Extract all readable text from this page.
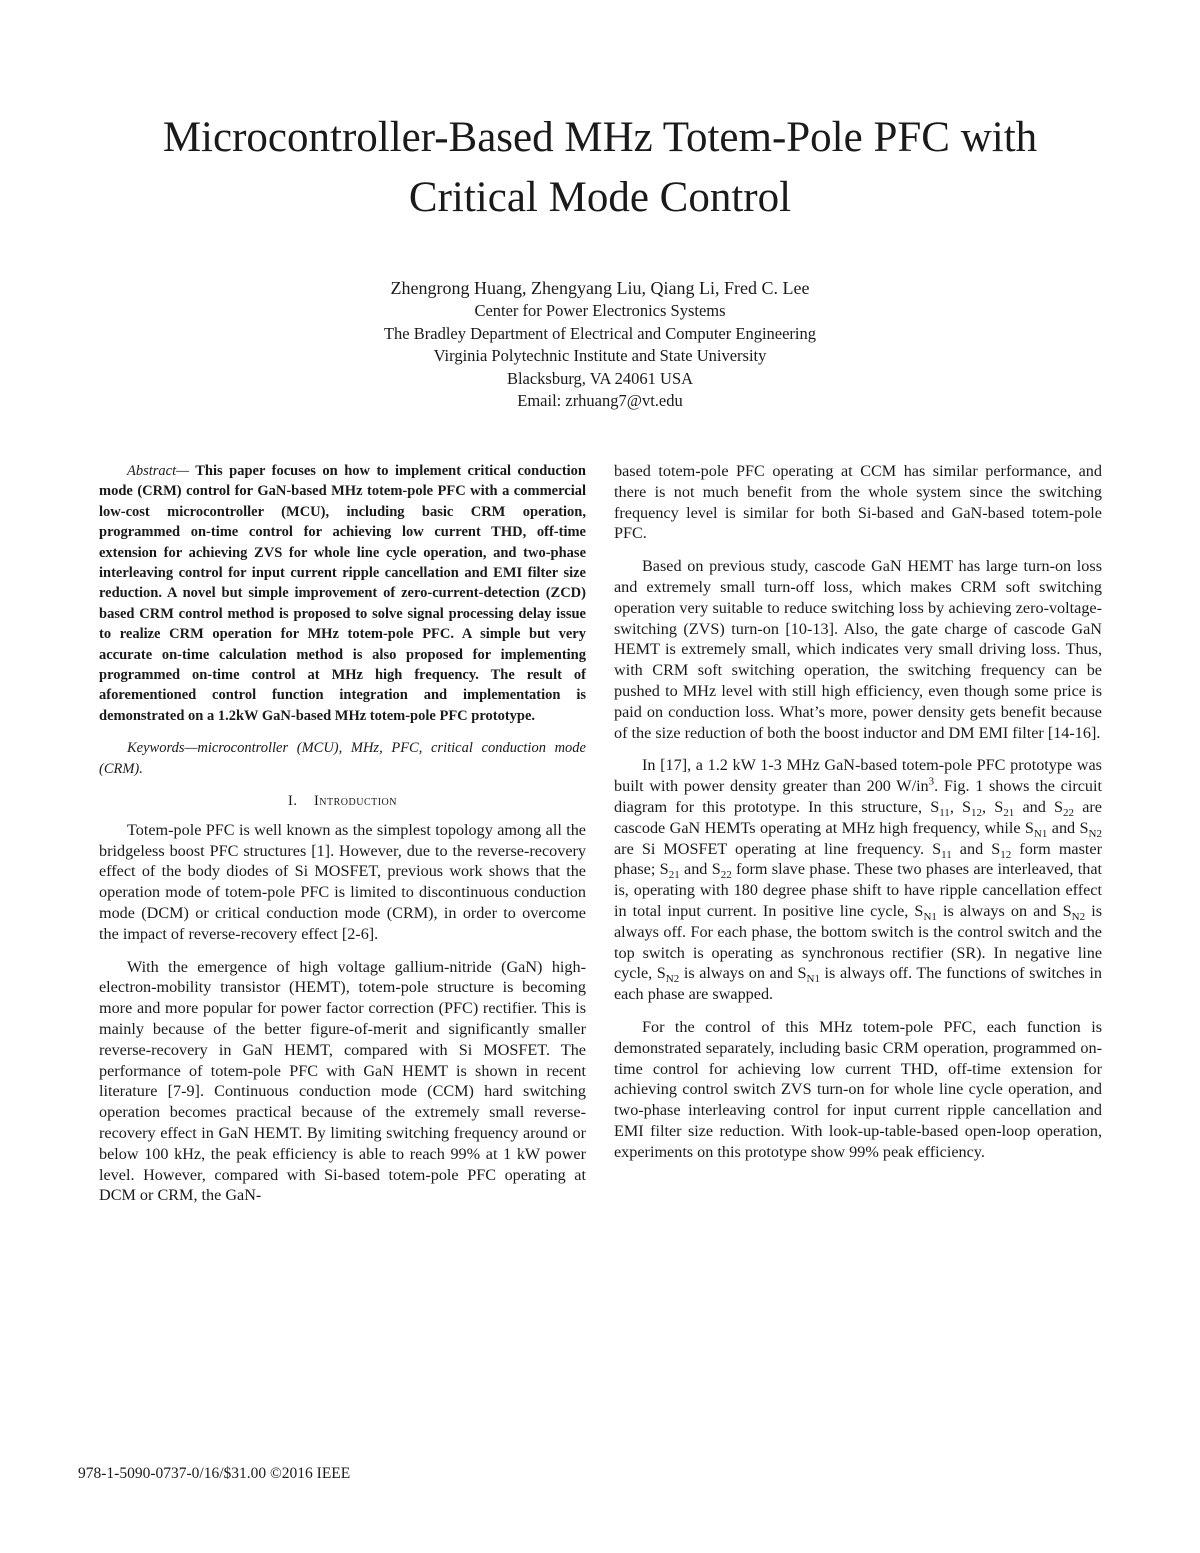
Microcontroller-Based MHz Totem-Pole PFC with
Critical Mode Control
Zhengrong Huang, Zhengyang Liu, Qiang Li, Fred C. Lee
Center for Power Electronics Systems
The Bradley Department of Electrical and Computer Engineering
Virginia Polytechnic Institute and State University
Blacksburg, VA 24061 USA
Email: zrhuang7@vt.edu

Abstract— This paper focuses on how to implement critical conduction mode (CRM) control for GaN-based MHz totem-pole PFC with a commercial low-cost microcontroller (MCU), including basic CRM operation, programmed on-time control for achieving low current THD, off-time extension for achieving ZVS for whole line cycle operation, and two-phase interleaving control for input current ripple cancellation and EMI filter size reduction. A novel but simple improvement of zero-current-detection (ZCD) based CRM control method is proposed to solve signal processing delay issue to realize CRM operation for MHz totem-pole PFC. A simple but very accurate on-time calculation method is also proposed for implementing programmed on-time control at MHz high frequency. The result of aforementioned control function integration and implementation is demonstrated on a 1.2kW GaN-based MHz totem-pole PFC prototype.

Keywords—microcontroller (MCU), MHz, PFC, critical conduction mode (CRM).

I. Introduction

Totem-pole PFC is well known as the simplest topology among all the bridgeless boost PFC structures [1]. However, due to the reverse-recovery effect of the body diodes of Si MOSFET, previous work shows that the operation mode of totem-pole PFC is limited to discontinuous conduction mode (DCM) or critical conduction mode (CRM), in order to overcome the impact of reverse-recovery effect [2-6].

With the emergence of high voltage gallium-nitride (GaN) high-electron-mobility transistor (HEMT), totem-pole structure is becoming more and more popular for power factor correction (PFC) rectifier. This is mainly because of the better figure-of-merit and significantly smaller reverse-recovery in GaN HEMT, compared with Si MOSFET. The performance of totem-pole PFC with GaN HEMT is shown in recent literature [7-9]. Continuous conduction mode (CCM) hard switching operation becomes practical because of the extremely small reverse-recovery effect in GaN HEMT. By limiting switching frequency around or below 100 kHz, the peak efficiency is able to reach 99% at 1 kW power level. However, compared with Si-based totem-pole PFC operating at DCM or CRM, the GaN-

based totem-pole PFC operating at CCM has similar performance, and there is not much benefit from the whole system since the switching frequency level is similar for both Si-based and GaN-based totem-pole PFC.

Based on previous study, cascode GaN HEMT has large turn-on loss and extremely small turn-off loss, which makes CRM soft switching operation very suitable to reduce switching loss by achieving zero-voltage-switching (ZVS) turn-on [10-13]. Also, the gate charge of cascode GaN HEMT is extremely small, which indicates very small driving loss. Thus, with CRM soft switching operation, the switching frequency can be pushed to MHz level with still high efficiency, even though some price is paid on conduction loss. What’s more, power density gets benefit because of the size reduction of both the boost inductor and DM EMI filter [14-16].

In [17], a 1.2 kW 1-3 MHz GaN-based totem-pole PFC prototype was built with power density greater than 200 $W/in^3$. Fig. 1 shows the circuit diagram for this prototype. In this structure, $S_{11}$, $S_{12}$, $S_{21}$ and $S_{22}$ are cascode GaN HEMTs operating at MHz high frequency, while $S_{N1}$ and $S_{N2}$ are Si MOSFET operating at line frequency. $S_{11}$ and $S_{12}$ form master phase; $S_{21}$ and $S_{22}$ form slave phase. These two phases are interleaved, that is, operating with 180 degree phase shift to have ripple cancellation effect in total input current. In positive line cycle, $S_{N1}$ is always on and $S_{N2}$ is always off. For each phase, the bottom switch is the control switch and the top switch is operating as synchronous rectifier (SR). In negative line cycle, $S_{N2}$ is always on and $S_{N1}$ is always off. The functions of switches in each phase are swapped.

For the control of this MHz totem-pole PFC, each function is demonstrated separately, including basic CRM operation, programmed on-time control for achieving low current THD, off-time extension for achieving control switch ZVS turn-on for whole line cycle operation, and two-phase interleaving control for input current ripple cancellation and EMI filter size reduction. With look-up-table-based open-loop operation, experiments on this prototype show 99% peak efficiency.

978-1-5090-0737-0/16/$31.00 ©2016 IEEE
